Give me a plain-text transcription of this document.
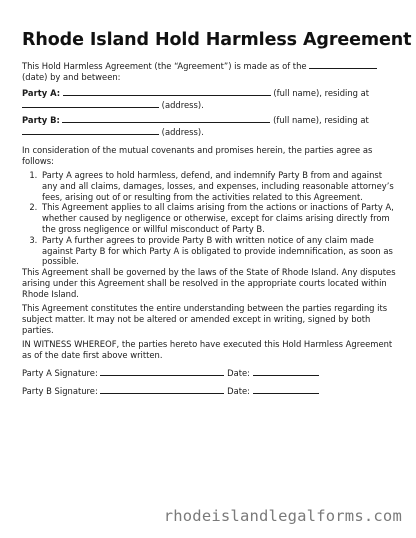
Rhode Island Hold Harmless Agreement

This Hold Harmless Agreement (the “Agreement”) is made as of the  (date) by and between:

Party A:	(full name), residing at
(address).

Party B:	(full name), residing at
(address).

In consideration of the mutual covenants and promises herein, the parties agree as follows:

1. Party A agrees to hold harmless, defend, and indemnify Party B from and against any and all claims, damages, losses, and expenses, including reasonable attorney’s fees, arising out of or resulting from the activities related to this Agreement.
2. This Agreement applies to all claims arising from the actions or inactions of Party A, whether caused by negligence or otherwise, except for claims arising directly from the gross negligence or willful misconduct of Party B.
3. Party A further agrees to provide Party B with written notice of any claim made against Party B for which Party A is obligated to provide indemnification, as soon as possible.

This Agreement shall be governed by the laws of the State of Rhode Island. Any disputes arising under this Agreement shall be resolved in the appropriate courts located within Rhode Island.

This Agreement constitutes the entire understanding between the parties regarding its subject matter. It may not be altered or amended except in writing, signed by both parties.

IN WITNESS WHEREOF, the parties hereto have executed this Hold Harmless Agreement as of the date first above written.

Party A Signature:	Date:

Party B Signature:	Date:

rhodeislandlegalforms.com
